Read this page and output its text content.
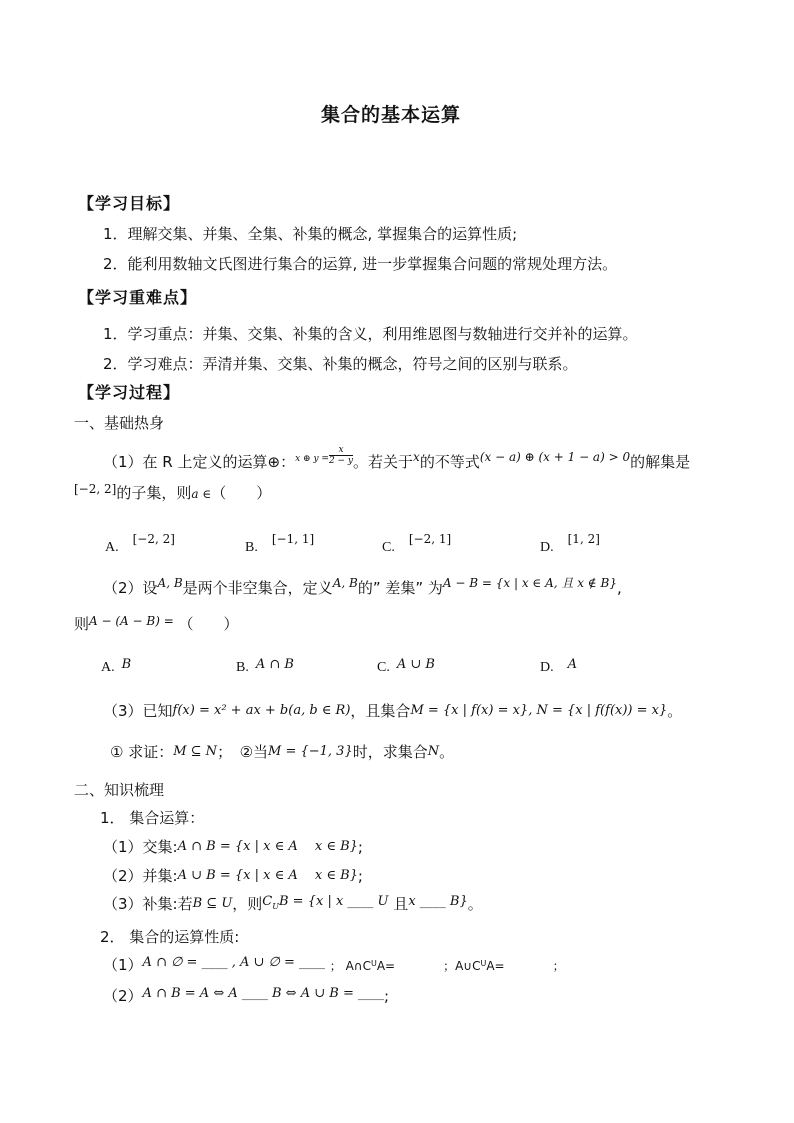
集合的基本运算
【学习目标】
1．理解交集、并集、全集、补集的概念, 掌握集合的运算性质;
2．能利用数轴文氏图进行集合的运算, 进一步掌握集合问题的常规处理方法。
【学习重难点】
1．学习重点：并集、交集、补集的含义，利用维恩图与数轴进行交并补的运算。
2．学习难点：弄清并集、交集、补集的概念，符号之间的区别与联系。
【学习过程】
一、基础热身
（1）在 R 上定义的运算⊕：$^{x \oplus y =} \frac{x}{2 - y}$ 。若关于$^x$的不等式$^{(x - a) \oplus (x + 1 - a) > 0}$的解集是
[−2, 2]的子集，则a ∈（　　）
A.    [−2, 2]
B.    [−1, 1]
C.    [−2, 1]
D.    [1, 2]
（2）设$^{A, B}$是两个非空集合，定义$^{A, B}$的” 差集” 为$^{A - B = \{x | x \in A, 且 x \notin B\}}$,
则$^{A - (A - B) =}$ （　　）
A. B	B. A ∩ B	C. A ∪ B	D. A
（3）已知f(x) = x² + ax + b(a, b ∈ R)，且集合M = {x | f(x) = x}, N = {x | f(f(x)) = x}。
① 求证：M ⊆ N；　②当M = {−1, 3}时，求集合N。
二、知识梳理
1． 集合运算：
（1）交集:A ∩ B = {x | x ∈ A　 x ∈ B};
（2）并集:A ∪ B = {x | x ∈ A　 x ∈ B};
（3）补集:若B ⊆ U，则CUB = {x | x ____ U 且x ____ B}。
2． 集合的运算性质:
（1）A ∩ ∅ = ____ , A ∪ ∅ = ____ ； $A\cap C^UA=$　　　　；$A\cup C^UA=$　　　　；
（2）A ∩ B = A ⇔ A ____ B ⇔ A ∪ B = ____;
